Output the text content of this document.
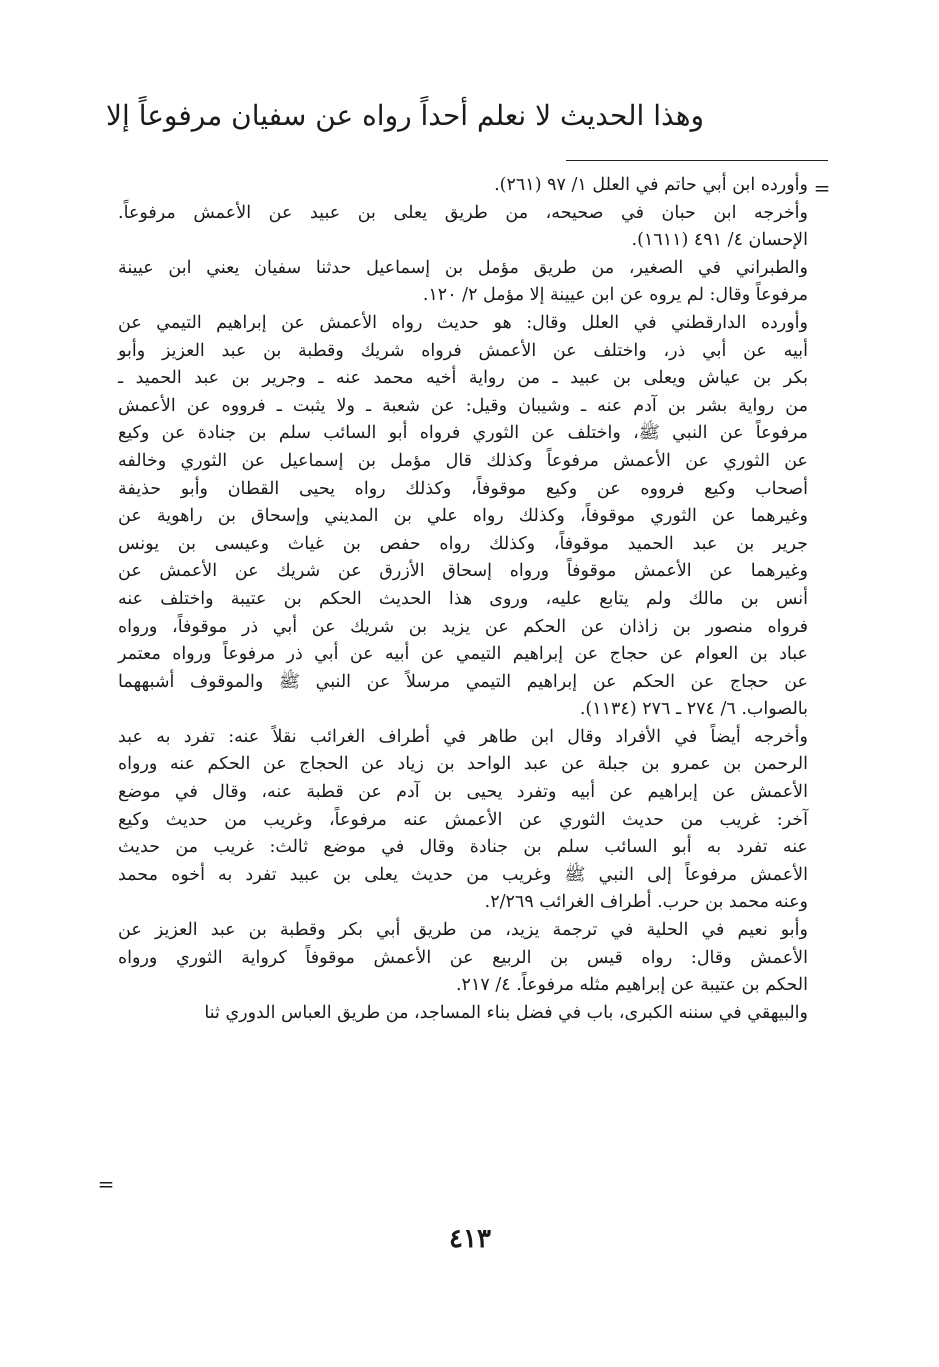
وهذا الحديث لا نعلم أحداً رواه عن سفيان مرفوعاً إلا
=
وأورده ابن أبي حاتم في العلل ١/ ٩٧ (٢٦١).
وأخرجه ابن حبان في صحيحه، من طريق يعلى بن عبيد عن الأعمش مرفوعاً.
الإحسان ٤/ ٤٩١ (١٦١١).
والطبراني في الصغير، من طريق مؤمل بن إسماعيل حدثنا سفيان يعني ابن عيينة
مرفوعاً وقال: لم يروه عن ابن عيينة إلا مؤمل ٢/ ١٢٠.
وأورده الدارقطني في العلل وقال: هو حديث رواه الأعمش عن إبراهيم التيمي عن
أبيه عن أبي ذر، واختلف عن الأعمش فرواه شريك وقطبة بن عبد العزيز وأبو
بكر بن عياش ويعلى بن عبيد ـ من رواية أخيه محمد عنه ـ وجرير بن عبد الحميد ـ
من رواية بشر بن آدم عنه ـ وشيبان وقيل: عن شعبة ـ ولا يثبت ـ فرووه عن الأعمش
مرفوعاً عن النبي ﷺ، واختلف عن الثوري فرواه أبو السائب سلم بن جنادة عن وكيع
عن الثوري عن الأعمش مرفوعاً وكذلك قال مؤمل بن إسماعيل عن الثوري وخالفه
أصحاب وكيع فرووه عن وكيع موقوفاً، وكذلك رواه يحيى القطان وأبو حذيفة
وغيرهما عن الثوري موقوفاً، وكذلك رواه علي بن المديني وإسحاق بن راهوية عن
جرير بن عبد الحميد موقوفاً، وكذلك رواه حفص بن غياث وعيسى بن يونس
وغيرهما عن الأعمش موقوفاً ورواه إسحاق الأزرق عن شريك عن الأعمش عن
أنس بن مالك ولم يتابع عليه، وروى هذا الحديث الحكم بن عتيبة واختلف عنه
فرواه منصور بن زاذان عن الحكم عن يزيد بن شريك عن أبي ذر موقوفاً، ورواه
عباد بن العوام عن حجاج عن إبراهيم التيمي عن أبيه عن أبي ذر مرفوعاً ورواه معتمر
عن حجاج عن الحكم عن إبراهيم التيمي مرسلاً عن النبي ﷺ والموقوف أشبههما
بالصواب. ٦/ ٢٧٤ ـ ٢٧٦ (١١٣٤).
وأخرجه أيضاً في الأفراد وقال ابن طاهر في أطراف الغرائب نقلاً عنه: تفرد به عبد
الرحمن بن عمرو بن جبلة عن عبد الواحد بن زياد عن الحجاج عن الحكم عنه ورواه
الأعمش عن إبراهيم عن أبيه وتفرد يحيى بن آدم عن قطبة عنه، وقال في موضع
آخر: غريب من حديث الثوري عن الأعمش عنه مرفوعاً، وغريب من حديث وكيع
عنه تفرد به أبو السائب سلم بن جنادة وقال في موضع ثالث: غريب من حديث
الأعمش مرفوعاً إلى النبي ﷺ وغريب من حديث يعلى بن عبيد تفرد به أخوه محمد
وعنه محمد بن حرب. أطراف الغرائب ٢/٢٦٩.
وأبو نعيم في الحلية في ترجمة يزيد، من طريق أبي بكر وقطبة بن عبد العزيز عن
الأعمش وقال: رواه قيس بن الربيع عن الأعمش موقوفاً كرواية الثوري ورواه
الحكم بن عتيبة عن إبراهيم مثله مرفوعاً. ٤/ ٢١٧.
والبيهقي في سننه الكبرى، باب في فضل بناء المساجد، من طريق العباس الدوري ثنا
=
٤١٣
